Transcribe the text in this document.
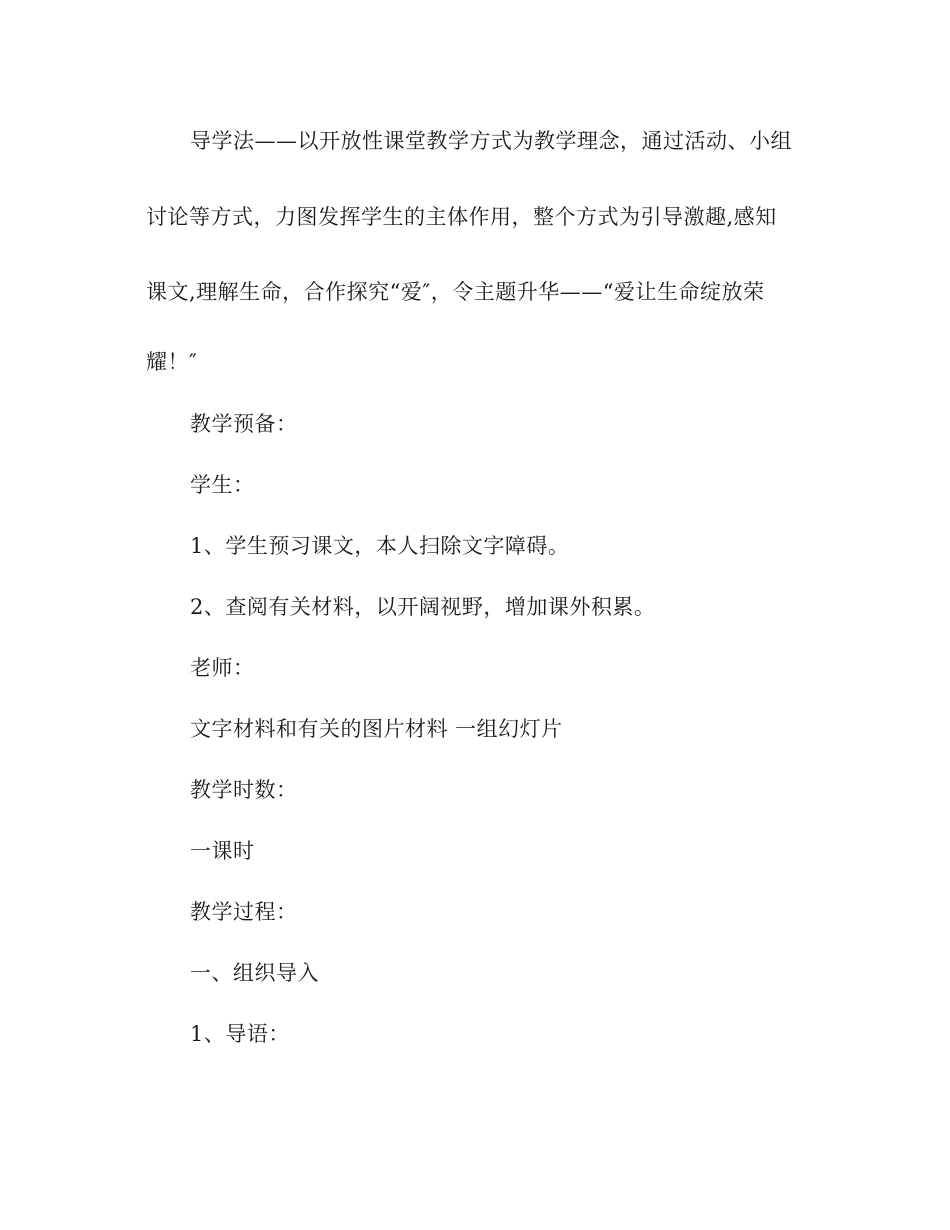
导学法——以开放性课堂教学方式为教学理念，通过活动、小组
讨论等方式，力图发挥学生的主体作用，整个方式为引导激趣,感知
课文,理解生命，合作探究“爱″，令主题升华——“爱让生命绽放荣
耀！″
教学预备：
学生：
1、学生预习课文，本人扫除文字障碍。
2、查阅有关材料，以开阔视野，增加课外积累。
老师：
文字材料和有关的图片材料 一组幻灯片
教学时数：
一课时
教学过程：
一、组织导入
1、导语：
